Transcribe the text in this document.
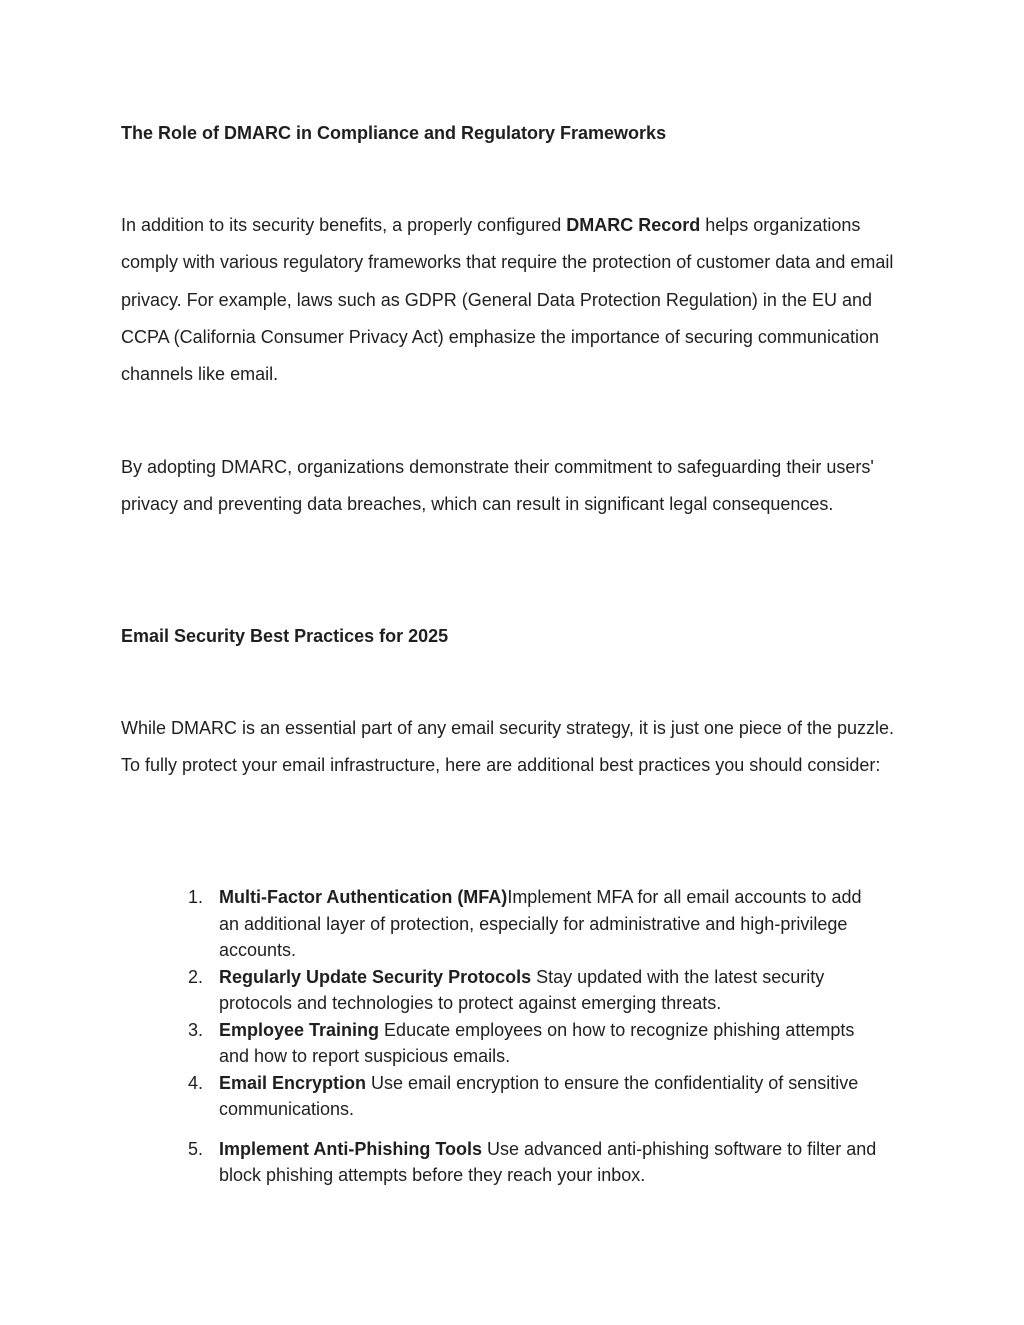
The Role of DMARC in Compliance and Regulatory Frameworks

In addition to its security benefits, a properly configured DMARC Record helps organizations comply with various regulatory frameworks that require the protection of customer data and email privacy. For example, laws such as GDPR (General Data Protection Regulation) in the EU and CCPA (California Consumer Privacy Act) emphasize the importance of securing communication channels like email.

By adopting DMARC, organizations demonstrate their commitment to safeguarding their users' privacy and preventing data breaches, which can result in significant legal consequences.

Email Security Best Practices for 2025

While DMARC is an essential part of any email security strategy, it is just one piece of the puzzle. To fully protect your email infrastructure, here are additional best practices you should consider:

1. Multi-Factor Authentication (MFA)Implement MFA for all email accounts to add an additional layer of protection, especially for administrative and high-privilege accounts.
2. Regularly Update Security Protocols Stay updated with the latest security protocols and technologies to protect against emerging threats.
3. Employee Training Educate employees on how to recognize phishing attempts and how to report suspicious emails.
4. Email Encryption Use email encryption to ensure the confidentiality of sensitive communications.
5. Implement Anti-Phishing Tools Use advanced anti-phishing software to filter and block phishing attempts before they reach your inbox.
